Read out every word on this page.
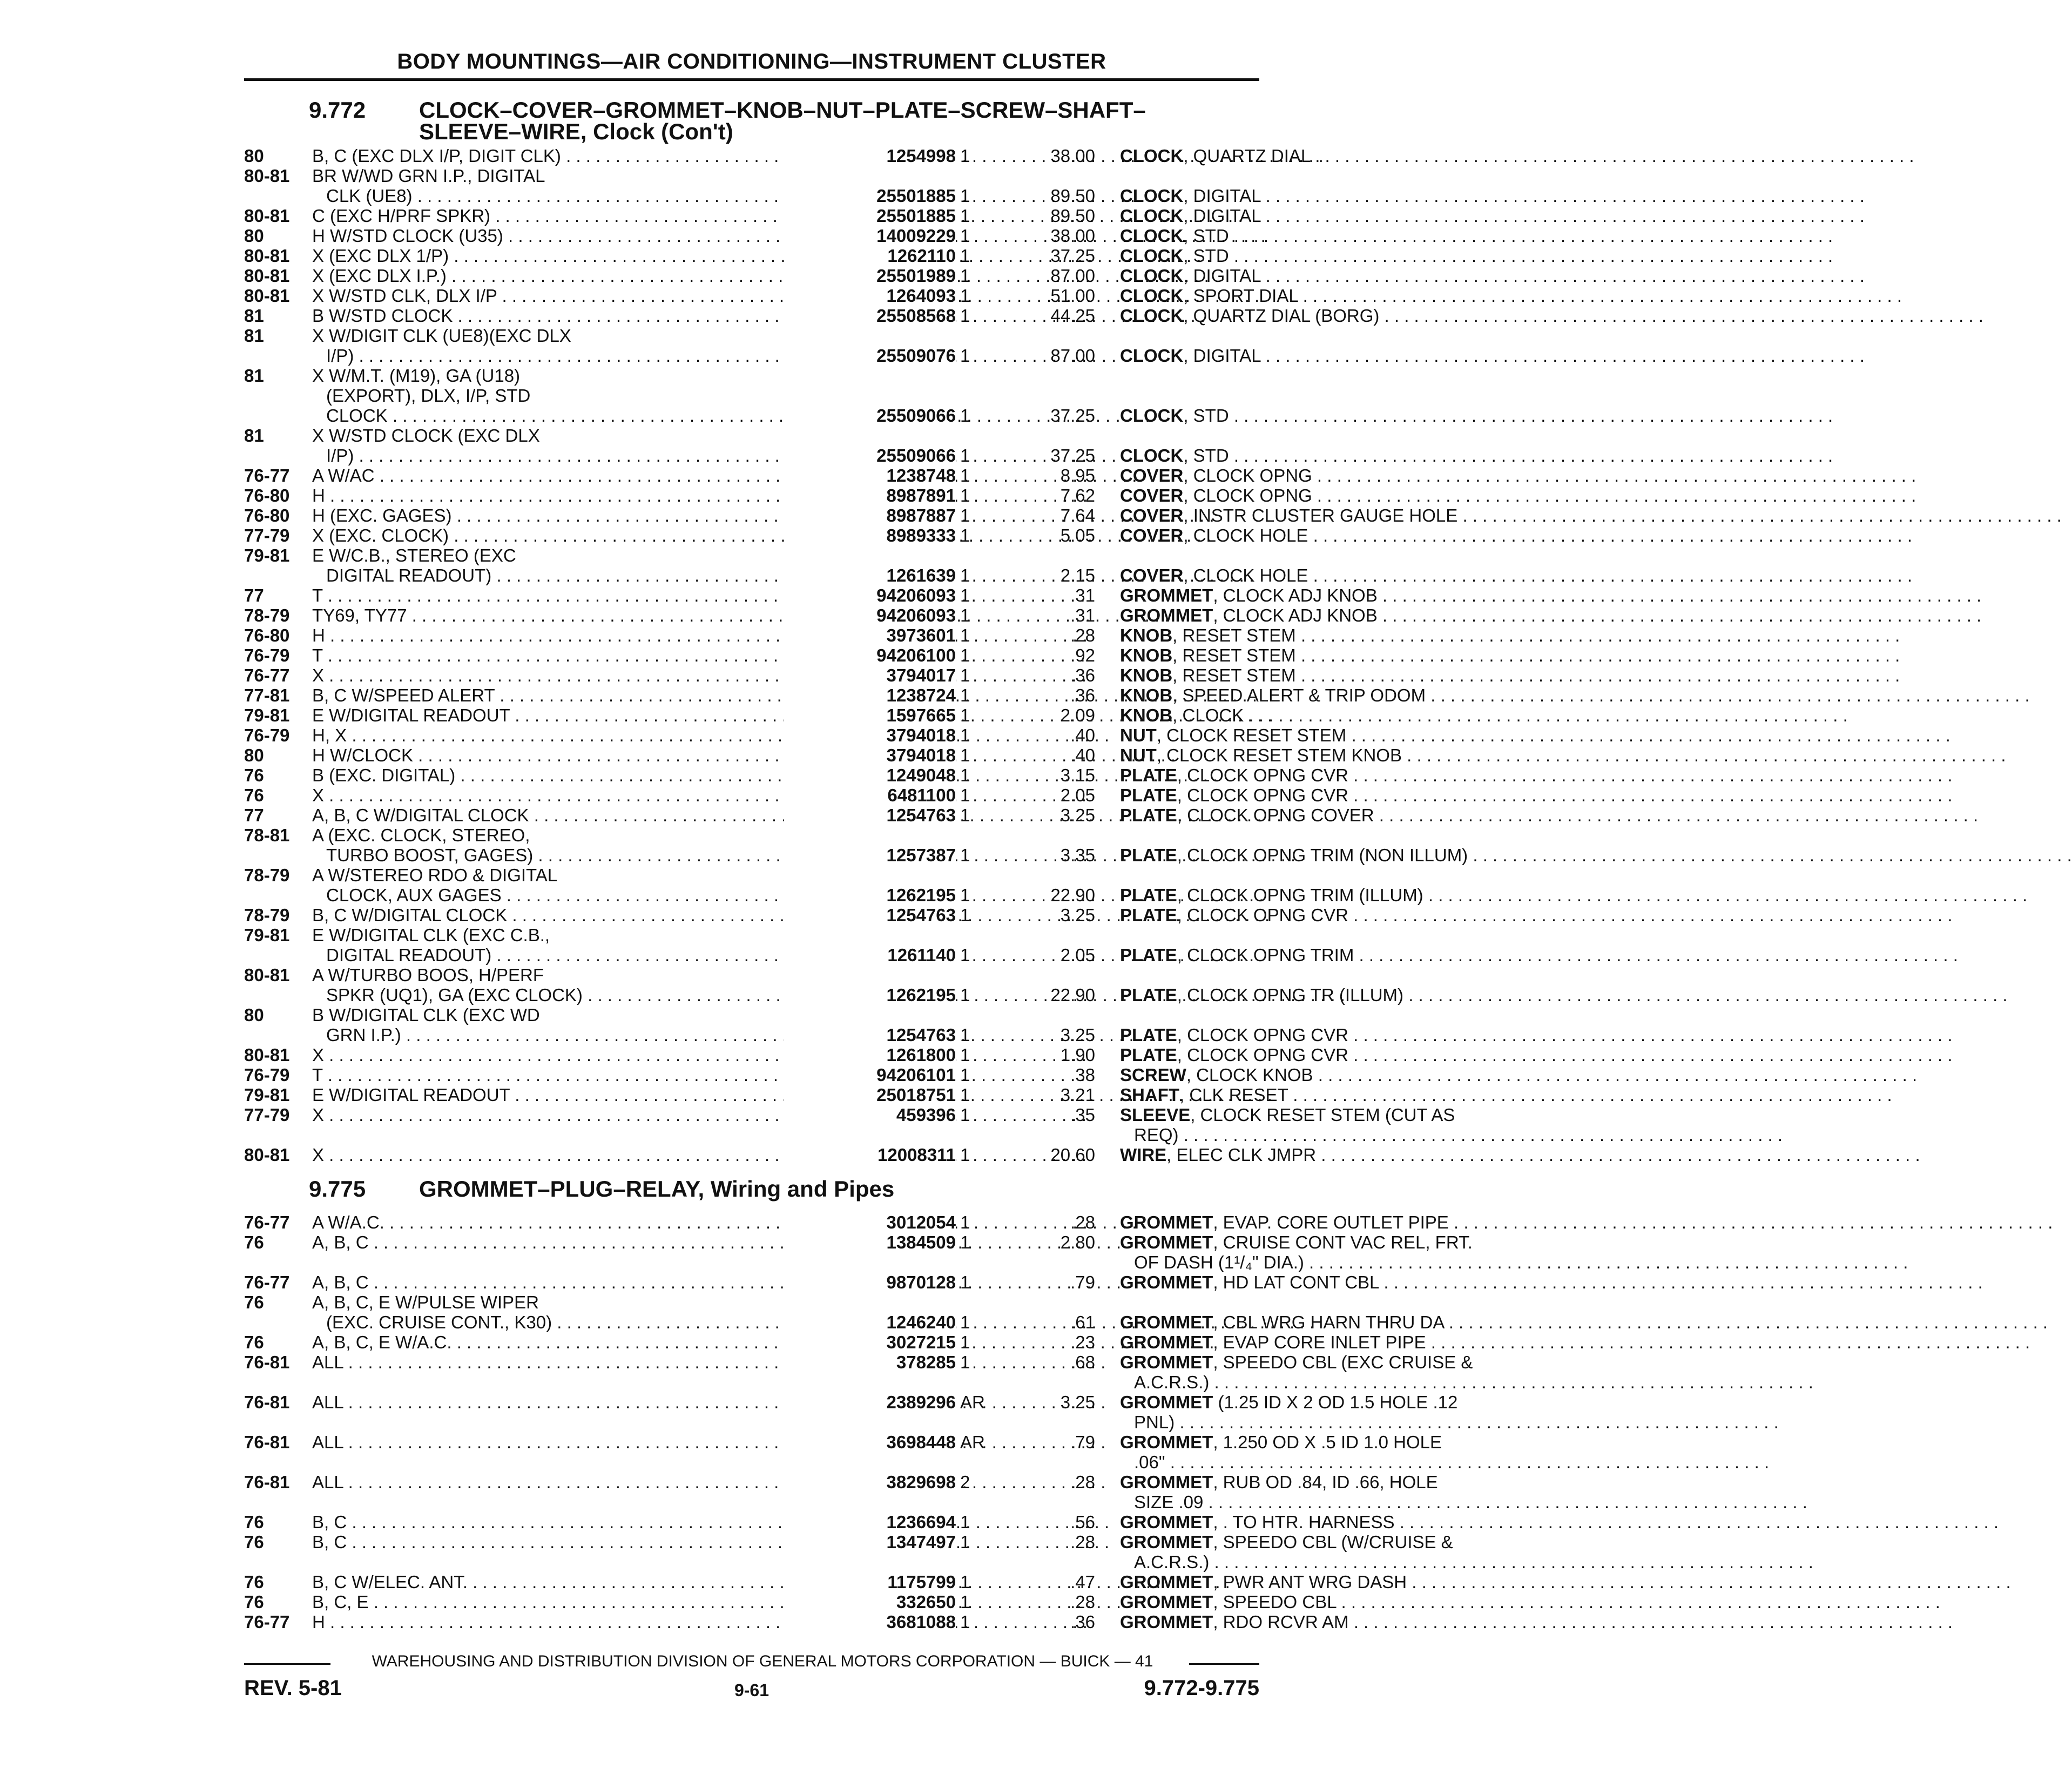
BODY MOUNTINGS—AIR CONDITIONING—INSTRUMENT CLUSTER
9.772 CLOCK–COVER–GROMMET–KNOB–NUT–PLATE–SCREW–SHAFT–
SLEEVE–WIRE, Clock (Con't)
80	B, C (EXC DLX I/P, DIGIT CLK) . . .	1254998 1	38.00 CLOCK, QUARTZ DIAL . . .
80-81	BR W/WD GRN I.P., DIGITAL
CLK (UE8) . . .	25501885 1	89.50 CLOCK, DIGITAL . . .
80-81	C (EXC H/PRF SPKR) . . .	25501885 1	89.50 CLOCK, DIGITAL . . .
80	H W/STD CLOCK (U35) . . .	14009229 1	38.00 CLOCK, STD . . .
80-81	X (EXC DLX 1/P) . . .	1262110 1	37.25 CLOCK, STD . . .
80-81	X (EXC DLX I.P.) . . .	25501989 1	87.00 CLOCK, DIGITAL . . .
80-81	X W/STD CLK, DLX I/P . . .	1264093 1	51.00 CLOCK, SPORT DIAL . . .
81	B W/STD CLOCK . . .	25508568 1	44.25 CLOCK, QUARTZ DIAL (BORG) . . .
81	X W/DIGIT CLK (UE8)(EXC DLX
I/P) . . .	25509076 1	87.00 CLOCK, DIGITAL . . .
81	X W/M.T. (M19), GA (U18)
(EXPORT), DLX, I/P, STD
CLOCK . . .	25509066 1	37.25 CLOCK, STD . . .
81	X W/STD CLOCK (EXC DLX
I/P) . . .	25509066 1	37.25 CLOCK, STD . . .
76-77	A W/AC . . .	1238748 1	8.95 COVER, CLOCK OPNG . . .
76-80	H . . .	8987891 1	7.62 COVER, CLOCK OPNG . . .
76-80	H (EXC. GAGES) . . .	8987887 1	7.64 COVER, INSTR CLUSTER GAUGE HOLE . . .
77-79	X (EXC. CLOCK) . . .	8989333 1	5.05 COVER, CLOCK HOLE . . .
79-81	E W/C.B., STEREO (EXC
DIGITAL READOUT) . . .	1261639 1	2.15 COVER, CLOCK HOLE . . .
77	T . . .	94206093 1	.31 GROMMET, CLOCK ADJ KNOB . . .
78-79	TY69, TY77 . . .	94206093 1	.31 GROMMET, CLOCK ADJ KNOB . . .
76-80	H . . .	3973601 1	.28 KNOB, RESET STEM . . .
76-79	T . . .	94206100 1	.92 KNOB, RESET STEM . . .
76-77	X . . .	3794017 1	.36 KNOB, RESET STEM . . .
77-81	B, C W/SPEED ALERT . . .	1238724 1	.36 KNOB, SPEED ALERT & TRIP ODOM . . .
79-81	E W/DIGITAL READOUT . . .	1597665 1	2.09 KNOB, CLOCK . . .
76-79	H, X . . .	3794018 1	.40 NUT, CLOCK RESET STEM . . .
80	H W/CLOCK . . .	3794018 1	.40 NUT, CLOCK RESET STEM KNOB . . .
76	B (EXC. DIGITAL) . . .	1249048 1	3.15 PLATE, CLOCK OPNG CVR . . .
76	X . . .	6481100 1	2.05 PLATE, CLOCK OPNG CVR . . .
77	A, B, C W/DIGITAL CLOCK . . .	1254763 1	3.25 PLATE, CLOCK OPNG COVER . . .
78-81	A (EXC. CLOCK, STEREO,
TURBO BOOST, GAGES) . . .	1257387 1	3.35 PLATE, CLOCK OPNG TRIM (NON ILLUM) . . .
78-79	A W/STEREO RDO & DIGITAL
CLOCK, AUX GAGES . . .	1262195 1	22.90 PLATE, CLOCK OPNG TRIM (ILLUM) . . .
78-79	B, C W/DIGITAL CLOCK . . .	1254763 1	3.25 PLATE, CLOCK OPNG CVR . . .
79-81	E W/DIGITAL CLK (EXC C.B.,
DIGITAL READOUT) . . .	1261140 1	2.05 PLATE, CLOCK OPNG TRIM . . .
80-81	A W/TURBO BOOS, H/PERF
SPKR (UQ1), GA (EXC CLOCK) . . .	1262195 1	22.90 PLATE, CLOCK OPNG TR (ILLUM) . . .
80	B W/DIGITAL CLK (EXC WD
GRN I.P.) . . .	1254763 1	3.25 PLATE, CLOCK OPNG CVR . . .
80-81	X . . .	1261800 1	1.90 PLATE, CLOCK OPNG CVR . . .
76-79	T . . .	94206101 1	.38 SCREW, CLOCK KNOB . . .
79-81	E W/DIGITAL READOUT . . .	25018751 1	3.21 SHAFT, CLK RESET . . .
77-79	X . . .	459396 1	.35 SLEEVE, CLOCK RESET STEM (CUT AS
REQ) . . .
80-81	X . . .	12008311 1	20.60 WIRE, ELEC CLK JMPR . . .
9.775 GROMMET–PLUG–RELAY, Wiring and Pipes
76-77	A W/A.C. . . .	3012054 1	.28 GROMMET, EVAP. CORE OUTLET PIPE . . .
76	A, B, C . . .	1384509 1	2.80 GROMMET, CRUISE CONT VAC REL, FRT.
OF DASH (1¹/₄" DIA.) . . .
76-77	A, B, C . . .	9870128 1	.79 GROMMET, HD LAT CONT CBL . . .
76	A, B, C, E W/PULSE WIPER
(EXC. CRUISE CONT., K30) . . .	1246240 1	.61 GROMMET, CBL WRG HARN THRU DA . . .
76	A, B, C, E W/A.C. . . .	3027215 1	.23 GROMMET, EVAP CORE INLET PIPE . . .
76-81	ALL . . .	378285 1	.68 GROMMET, SPEEDO CBL (EXC CRUISE &
A.C.R.S.) . . .
76-81	ALL . . .	2389296 AR	3.25 GROMMET (1.25 ID X 2 OD 1.5 HOLE .12
PNL) . . .
76-81	ALL . . .	3698448 AR	.79 GROMMET, 1.250 OD X .5 ID 1.0 HOLE
.06" . . .
76-81	ALL . . .	3829698 2	.28 GROMMET, RUB OD .84, ID .66, HOLE
SIZE .09 . . .
76	B, C . . .	1236694 1	.56 GROMMET, . TO HTR. HARNESS . . .
76	B, C . . .	1347497 1	.28 GROMMET, SPEEDO CBL (W/CRUISE &
A.C.R.S.) . . .
76	B, C W/ELEC. ANT. . . .	1175799 1	.47 GROMMET, PWR ANT WRG DASH . . .
76	B, C, E . . .	332650 1	.28 GROMMET, SPEEDO CBL . . .
76-77	H . . .	3681088 1	.36 GROMMET, RDO RCVR AM . . .
WAREHOUSING AND DISTRIBUTION DIVISION OF GENERAL MOTORS CORPORATION — BUICK — 41
REV. 5-81	9-61	9.772-9.775
